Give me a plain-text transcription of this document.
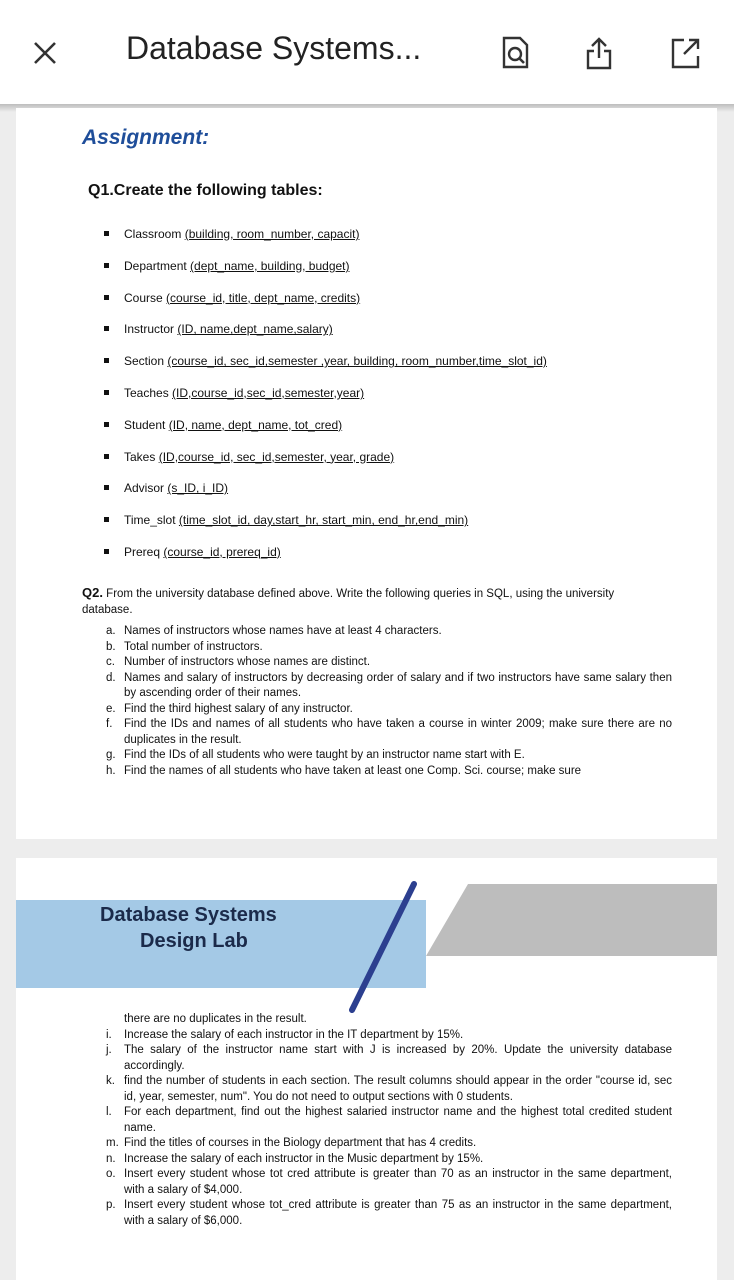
Database Systems...
Assignment:
Q1.Create the following tables:
Classroom (building, room_number, capacit)
Department (dept_name, building, budget)
Course (course_id, title, dept_name, credits)
Instructor (ID, name,dept_name,salary)
Section (course_id, sec_id,semester ,year, building, room_number,time_slot_id)
Teaches (ID,course_id,sec_id,semester,year)
Student (ID, name, dept_name, tot_cred)
Takes (ID,course_id, sec_id,semester, year, grade)
Advisor (s_ID, i_ID)
Time_slot (time_slot_id, day,start_hr, start_min, end_hr,end_min)
Prereq (course_id, prereq_id)
Q2. From the university database defined above. Write the following queries in SQL, using the university database.
a. Names of instructors whose names have at least 4 characters.
b. Total number of instructors.
c. Number of instructors whose names are distinct.
d. Names and salary of instructors by decreasing order of salary and if two instructors have same salary then by ascending order of their names.
e. Find the third highest salary of any instructor.
f. Find the IDs and names of all students who have taken a course in winter 2009; make sure there are no duplicates in the result.
g. Find the IDs of all students who were taught by an instructor name start with E.
h. Find the names of all students who have taken at least one Comp. Sci. course; make sure
Database Systems
Design Lab
there are no duplicates in the result.
i. Increase the salary of each instructor in the IT department by 15%.
j. The salary of the instructor name start with J is increased by 20%. Update the university database accordingly.
k. find the number of students in each section. The result columns should appear in the order "course id, sec id, year, semester, num". You do not need to output sections with 0 students.
l. For each department, find out the highest salaried instructor name and the highest total credited student name.
m. Find the titles of courses in the Biology department that has 4 credits.
n. Increase the salary of each instructor in the Music department by 15%.
o. Insert every student whose tot cred attribute is greater than 70 as an instructor in the same department, with a salary of $4,000.
p. Insert every student whose tot_cred attribute is greater than 75 as an instructor in the same department, with a salary of $6,000.
